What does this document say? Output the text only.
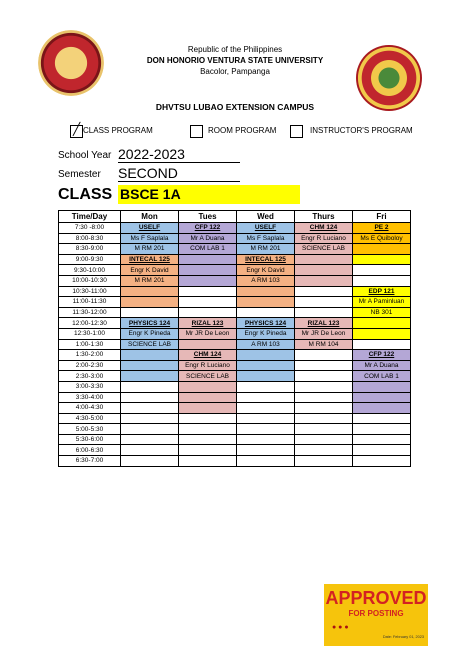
Republic of the Philippines
DON HONORIO VENTURA STATE UNIVERSITY
Bacolor, Pampanga
DHVTSU LUBAO EXTENSION CAMPUS
╱ CLASS PROGRAM	ROOM PROGRAM	INSTRUCTOR'S PROGRAM
School Year 2022-2023
Semester SECOND
CLASS BSCE 1A
Time/Day	Mon	Tues	Wed	Thurs	Fri
7:30 -8:00	USELF	CFP 122	USELF	CHM 124	PE 2
8:00-8:30	Ms F Saplala	Mr A Duana	Ms F Saplala	Engr R Luciano	Ms E Quiboloy
8:30-9:00	M RM 201	COM LAB 1	M RM 201	SCIENCE LAB	
9:00-9:30	INTECAL 125		INTECAL 125		
9:30-10:00	Engr K David		Engr K David		
10:00-10:30	M RM 201		A RM 103		
10:30-11:00					EDP 121
11:00-11:30					Mr A Paminluan
11:30-12:00					NB 301
12:00-12:30	PHYSICS 124	RIZAL 123	PHYSICS 124	RIZAL 123	
12:30-1:00	Engr K Pineda	Mr JR De Leon	Engr K Pineda	Mr JR De Leon	
1:00-1:30	SCIENCE LAB		A RM 103	M RM 104	
1:30-2:00		CHM 124			CFP 122
2:00-2:30		Engr R Luciano			Mr A Duana
2:30-3:00		SCIENCE LAB			COM LAB 1
3:00-3:30					
3:30-4:00					
4:00-4:30					
4:30-5:00					
5:00-5:30					
5:30-6:00					
6:00-6:30					
6:30-7:00					
APPROVED
FOR POSTING
● ● ●
Date: February 01, 2023
